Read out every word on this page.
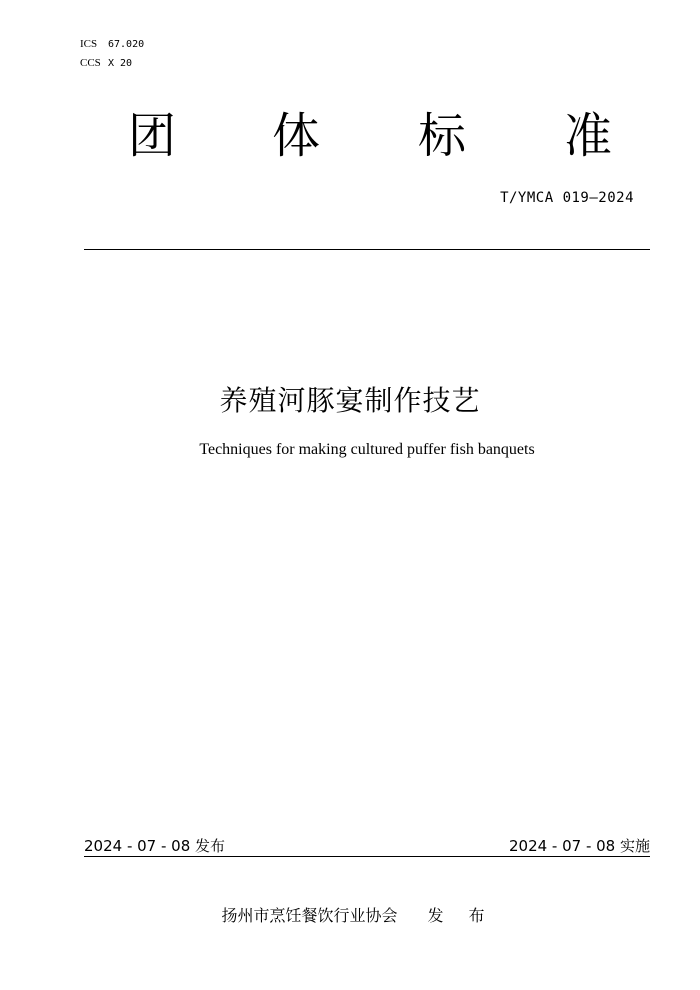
ICS 67.020
CCS X 20
团 体 标 准
T/YMCA 019—2024
养殖河豚宴制作技艺
Techniques for making cultured puffer fish banquets
2024 - 07 - 08 发布	2024 - 07 - 08 实施
扬州市烹饪餐饮行业协会 发 布
